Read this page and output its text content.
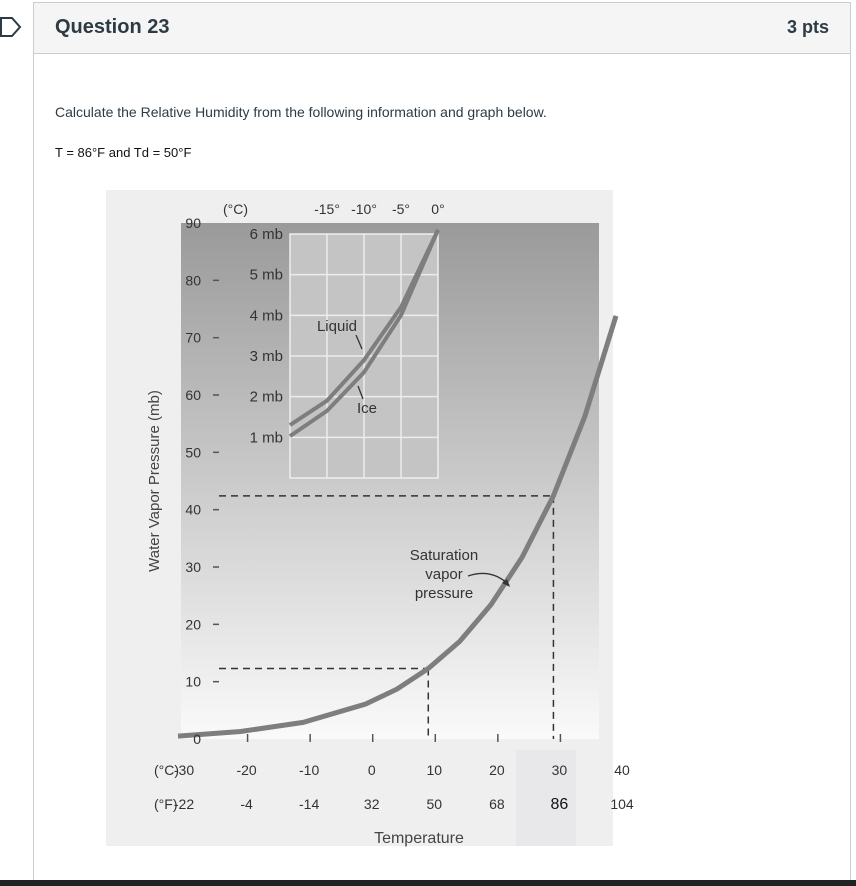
Question 23	3 pts
Calculate the Relative Humidity from the following information and graph below.
T = 86°F and Td = 50°F
1 mb
2 mb
3 mb
4 mb
5 mb
6 mb
-15° -10° -5° 0°
(°C)
Liquid
Ice
0
10
20
30
40
50
60
70
80
90
Water Vapor Pressure (mb)
-30
-22
-20
-4
-10
-14
0
32
10
50
20
68
30
86
40
104
(°C)
(°F)
Temperature
Saturation
vapor
pressure
